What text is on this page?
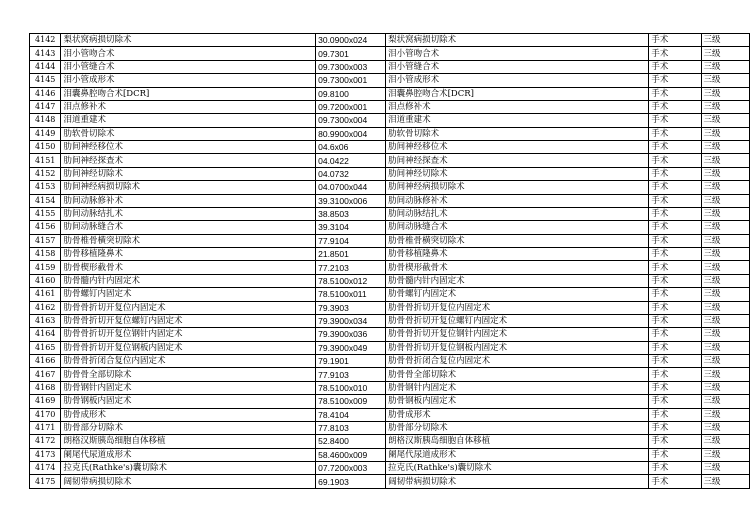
4142	梨状窝病损切除术	30.0900x024	梨状窝病损切除术	手术	三级
4143	泪小管吻合术	09.7301	泪小管吻合术	手术	三级
4144	泪小管缝合术	09.7300x003	泪小管缝合术	手术	三级
4145	泪小管成形术	09.7300x001	泪小管成形术	手术	三级
4146	泪囊鼻腔吻合术[DCR]	09.8100	泪囊鼻腔吻合术[DCR]	手术	三级
4147	泪点修补术	09.7200x001	泪点修补术	手术	三级
4148	泪道重建术	09.7300x004	泪道重建术	手术	三级
4149	肋软骨切除术	80.9900x004	肋软骨切除术	手术	三级
4150	肋间神经移位术	04.6x06	肋间神经移位术	手术	三级
4151	肋间神经探查术	04.0422	肋间神经探查术	手术	三级
4152	肋间神经切除术	04.0732	肋间神经切除术	手术	三级
4153	肋间神经病损切除术	04.0700x044	肋间神经病损切除术	手术	三级
4154	肋间动脉修补术	39.3100x006	肋间动脉修补术	手术	三级
4155	肋间动脉结扎术	38.8503	肋间动脉结扎术	手术	三级
4156	肋间动脉缝合术	39.3104	肋间动脉缝合术	手术	三级
4157	肋骨椎骨横突切除术	77.9104	肋骨椎骨横突切除术	手术	三级
4158	肋骨移植隆鼻术	21.8501	肋骨移植隆鼻术	手术	三级
4159	肋骨楔形截骨术	77.2103	肋骨楔形截骨术	手术	三级
4160	肋骨髓内针内固定术	78.5100x012	肋骨髓内针内固定术	手术	三级
4161	肋骨螺钉内固定术	78.5100x011	肋骨螺钉内固定术	手术	三级
4162	肋骨骨折切开复位内固定术	79.3903	肋骨骨折切开复位内固定术	手术	三级
4163	肋骨骨折切开复位螺钉内固定术	79.3900x034	肋骨骨折切开复位螺钉内固定术	手术	三级
4164	肋骨骨折切开复位钢针内固定术	79.3900x036	肋骨骨折切开复位钢针内固定术	手术	三级
4165	肋骨骨折切开复位钢板内固定术	79.3900x049	肋骨骨折切开复位钢板内固定术	手术	三级
4166	肋骨骨折闭合复位内固定术	79.1901	肋骨骨折闭合复位内固定术	手术	三级
4167	肋骨骨全部切除术	77.9103	肋骨骨全部切除术	手术	三级
4168	肋骨钢针内固定术	78.5100x010	肋骨钢针内固定术	手术	三级
4169	肋骨钢板内固定术	78.5100x009	肋骨钢板内固定术	手术	三级
4170	肋骨成形术	78.4104	肋骨成形术	手术	三级
4171	肋骨部分切除术	77.8103	肋骨部分切除术	手术	三级
4172	朗格汉斯胰岛细胞自体移植	52.8400	朗格汉斯胰岛细胞自体移植	手术	三级
4173	阑尾代尿道成形术	58.4600x009	阑尾代尿道成形术	手术	三级
4174	拉克氏(Rathke's)囊切除术	07.7200x003	拉克氏(Rathke's)囊切除术	手术	三级
4175	阔韧带病损切除术	69.1903	阔韧带病损切除术	手术	三级
